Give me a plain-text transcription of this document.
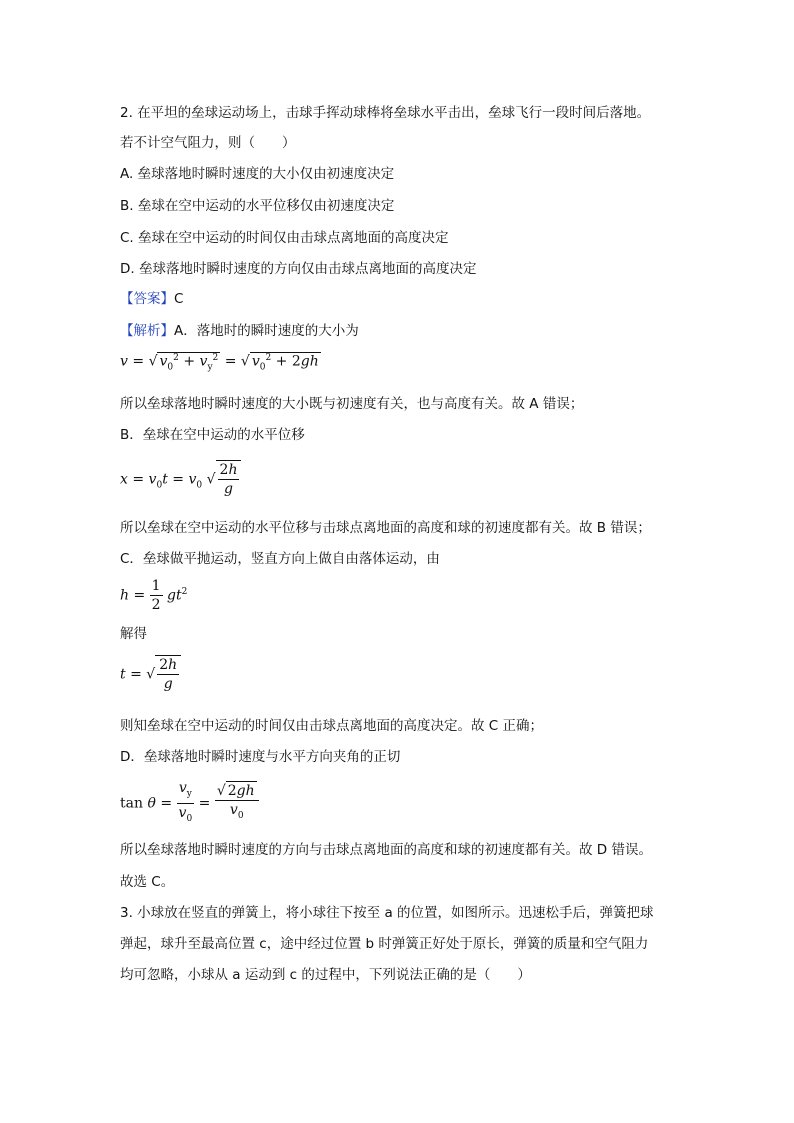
2. 在平坦的垒球运动场上，击球手挥动球棒将垒球水平击出，垒球飞行一段时间后落地。
若不计空气阻力，则（　　）
A. 垒球落地时瞬时速度的大小仅由初速度决定
B. 垒球在空中运动的水平位移仅由初速度决定
C. 垒球在空中运动的时间仅由击球点离地面的高度决定
D. 垒球落地时瞬时速度的方向仅由击球点离地面的高度决定
【答案】C
【解析】A．落地时的瞬时速度的大小为
v = √ $v_0^2 + v_y^2$ = √ $v_0^2 + 2gh$
所以垒球落地时瞬时速度的大小既与初速度有关，也与高度有关。故 A 错误；
B．垒球在空中运动的水平位移
$x = v_0t = v_0$ √ $\frac{2h}{g}$
所以垒球在空中运动的水平位移与击球点离地面的高度和球的初速度都有关。故 B 错误；
C．垒球做平抛运动，竖直方向上做自由落体运动，由
$h = \frac{1}{2} gt^2$
解得
t = √ $\frac{2h}{g}$
则知垒球在空中运动的时间仅由击球点离地面的高度决定。故 C 正确；
D．垒球落地时瞬时速度与水平方向夹角的正切
$\tan \theta = \frac{v_y}{v_0} = \frac{√ 2gh}{v_0}$
所以垒球落地时瞬时速度的方向与击球点离地面的高度和球的初速度都有关。故 D 错误。
故选 C。
3. 小球放在竖直的弹簧上，将小球往下按至 a 的位置，如图所示。迅速松手后，弹簧把球
弹起，球升至最高位置 c，途中经过位置 b 时弹簧正好处于原长，弹簧的质量和空气阻力
均可忽略，小球从 a 运动到 c 的过程中，下列说法正确的是（　　）
